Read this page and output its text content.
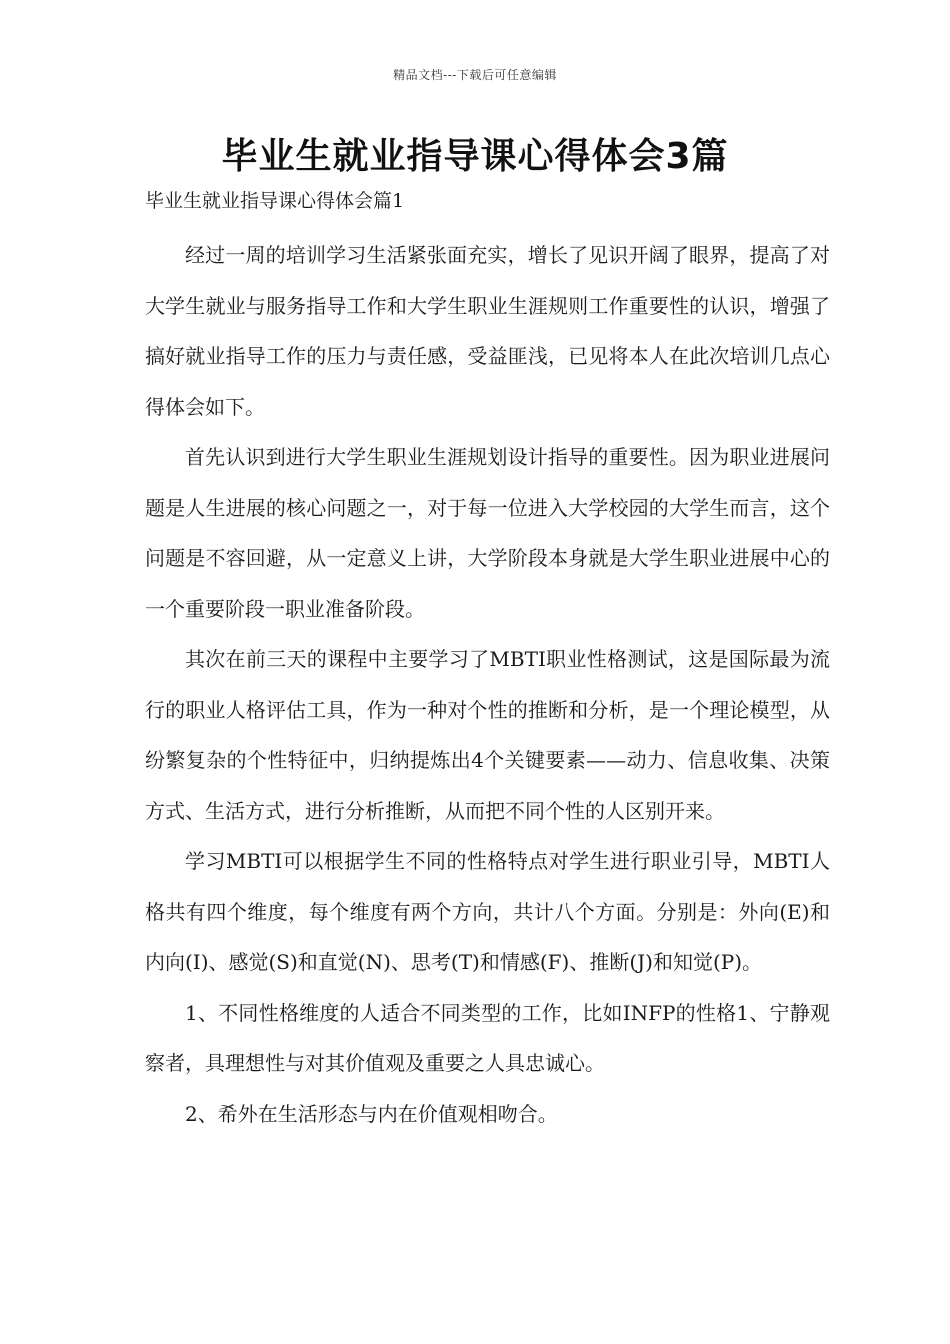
精品文档---下载后可任意编辑
毕业生就业指导课心得体会3篇

毕业生就业指导课心得体会篇1

经过一周的培训学习生活紧张面充实，增长了见识开阔了眼界，提高了对大学生就业与服务指导工作和大学生职业生涯规则工作重要性的认识，增强了搞好就业指导工作的压力与责任感，受益匪浅，已见将本人在此次培训几点心得体会如下。

首先认识到进行大学生职业生涯规划设计指导的重要性。因为职业进展问题是人生进展的核心问题之一，对于每一位进入大学校园的大学生而言，这个问题是不容回避，从一定意义上讲，大学阶段本身就是大学生职业进展中心的一个重要阶段一职业准备阶段。

其次在前三天的课程中主要学习了MBTI职业性格测试，这是国际最为流行的职业人格评估工具，作为一种对个性的推断和分析，是一个理论模型，从纷繁复杂的个性特征中，归纳提炼出4个关键要素——动力、信息收集、决策方式、生活方式，进行分析推断，从而把不同个性的人区别开来。

学习MBTI可以根据学生不同的性格特点对学生进行职业引导，MBTI人格共有四个维度，每个维度有两个方向，共计八个方面。分别是：外向(E)和内向(I)、感觉(S)和直觉(N)、思考(T)和情感(F)、推断(J)和知觉(P)。

1、不同性格维度的人适合不同类型的工作，比如INFP的性格1、宁静观察者，具理想性与对其价值观及重要之人具忠诚心。

2、希外在生活形态与内在价值观相吻合。
